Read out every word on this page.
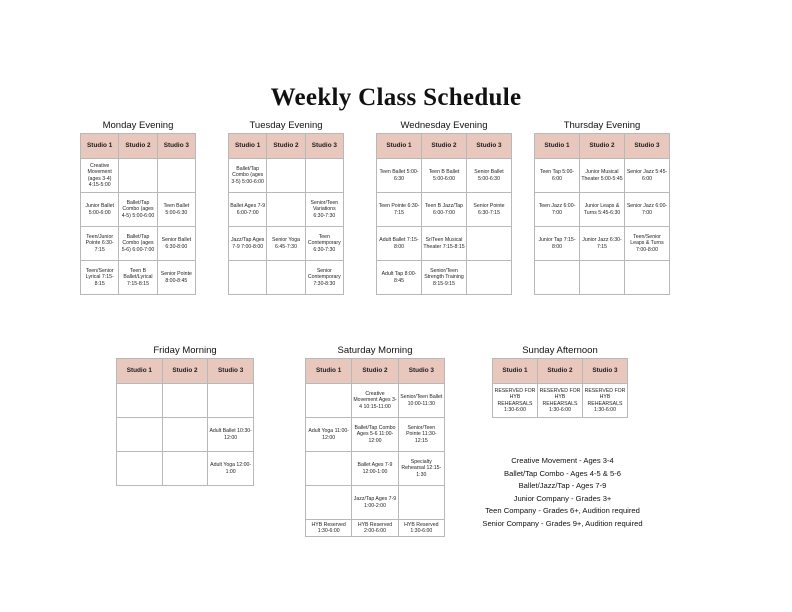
Weekly Class Schedule
Monday Evening
Studio 1	Studio 2	Studio 3
Creative Movement (ages 3-4) 4:15-5:00		
Junior Ballet 5:00-6:00	Ballet/Tap Combo (ages 4-5) 5:00-6:00	Teen Ballet 5:00-6:30
Teen/Junior Pointe 6:30-7:15	Ballet/Tap Combo (ages 5-6) 6:00-7:00	Senior Ballet 6:30-8:00
Teen/Senior Lyrical 7:15-8:15	Teen B Ballet/Lyrical 7:15-8:15	Senior Pointe 8:00-8:45
Tuesday Evening
Studio 1	Studio 2	Studio 3
Ballet/Tap Combo (ages 3-5) 5:00-6:00		
Ballet Ages 7-9 6:00-7:00		Senior/Teen Variations 6:30-7:30
Jazz/Tap Ages 7-9 7:00-8:00	Senior Yoga 6:45-7:30	Teen Contemporary 6:30-7:30
		Senior Contemporary 7:30-8:30
Wednesday Evening
Studio 1	Studio 2	Studio 3
Teen Ballet 5:00-6:30	Teen B Ballet 5:00-6:00	Senior Ballet 5:00-6:30
Teen Pointe 6:30-7:15	Teen B Jazz/Tap 6:00-7:00	Senior Pointe 6:30-7:15
Adult Ballet 7:15-8:00	Sr/Teen Musical Theater 7:15-8:15	
Adult Tap 8:00-8:45	Senior/Teen Strength Training 8:15-9:15	
Thursday Evening
Studio 1	Studio 2	Studio 3
Teen Tap 5:00-6:00	Junior Musical Theater 5:00-5:45	Senior Jazz 5:45-6:00
Teen Jazz 6:00-7:00	Junior Leaps & Turns 5:45-6:30	Senior Jazz 6:00-7:00
Junior Tap 7:15-8:00	Junior Jazz 6:30-7:15	Teen/Senior Leaps & Turns 7:00-8:00

Friday Morning
Studio 1	Studio 2	Studio 3

		Adult Ballet 10:30-12:00
		Adult Yoga 12:00-1:00
Saturday Morning
Studio 1	Studio 2	Studio 3
	Creative Movement Ages 3-4 10:15-11:00	Senior/Teen Ballet 10:00-11:30
Adult Yoga 11:00-12:00	Ballet/Tap Combo Ages 5-6 11:00-12:00	Senior/Teen Pointe 11:30-12:15
	Ballet Ages 7-9 12:00-1:00	Specialty Rehearsal 12:15-1:30
	Jazz/Tap Ages 7-9 1:00-2:00	
HYB Reserved 1:30-6:00	HYB Reserved 2:00-6:00	HYB Reserved 1:30-6:00
Sunday Afternoon
Studio 1	Studio 2	Studio 3
RESERVED FOR HYB REHEARSALS 1:30-6:00	RESERVED FOR HYB REHEARSALS 1:30-6:00	RESERVED FOR HYB REHEARSALS 1:30-6:00
Creative Movement - Ages 3-4
Ballet/Tap Combo - Ages 4-5 & 5-6
Ballet/Jazz/Tap - Ages 7-9
Junior Company - Grades 3+
Teen Company - Grades 6+, Audition required
Senior Company - Grades 9+, Audition required
